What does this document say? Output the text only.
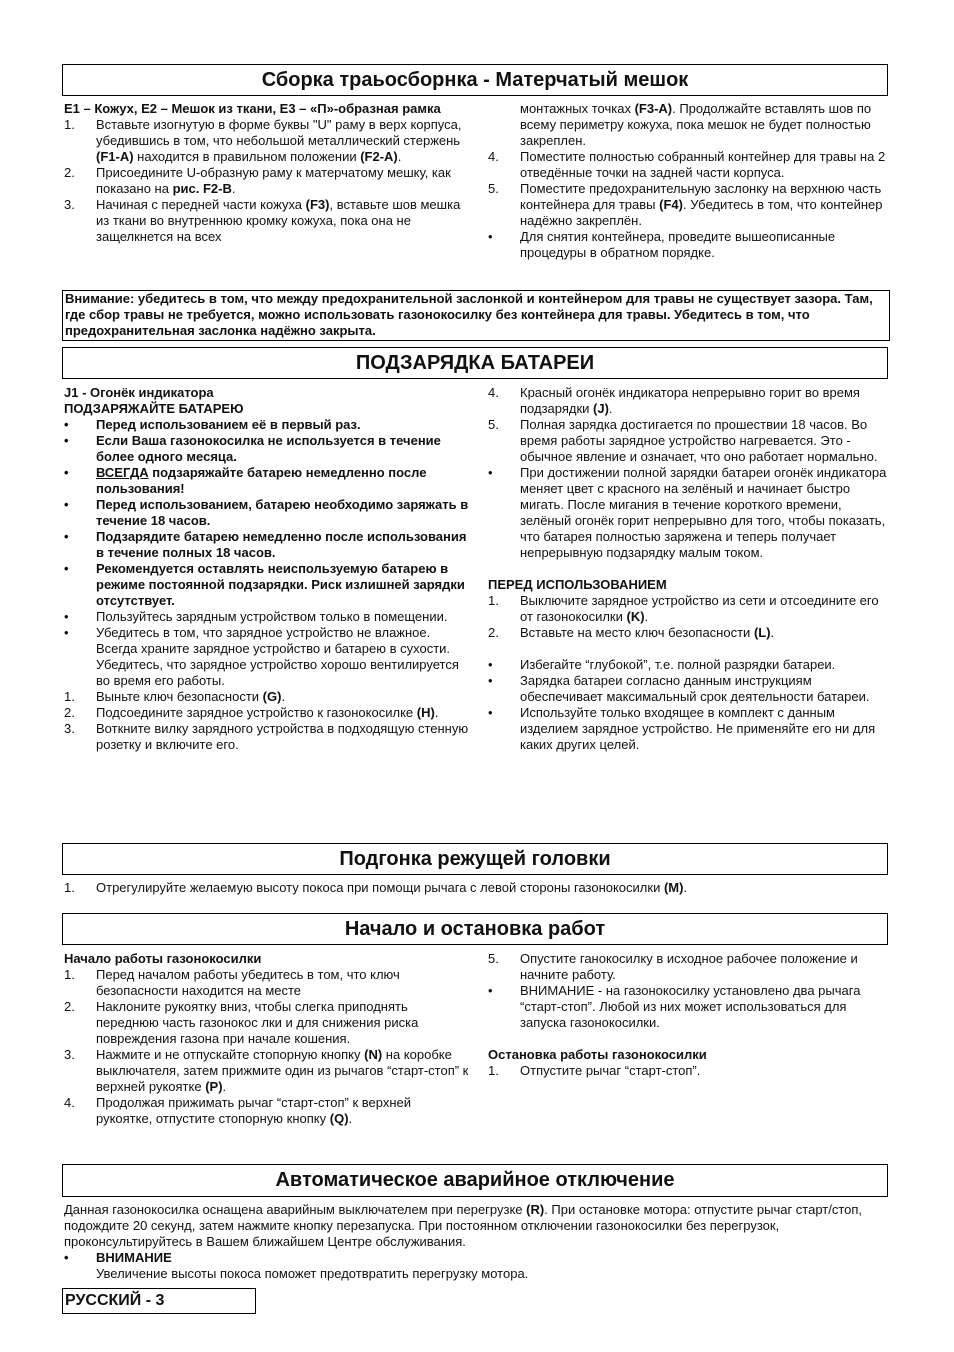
Сборка траьосборнка - Матерчатый мешок
E1 – Кожух, E2 – Мешок из ткани, E3 – «П»-образная рамка
1. Вставьте изогнутую в форме буквы "U" раму в верх корпуса, убедившись в том, что небольшой металлический стержень (F1-A) находится в правильном положении (F2-A).
2. Присоедините U-образную раму к матерчатому мешку, как показано на рис. F2-B.
3. Начиная с передней части кожуха (F3), вставьте шов мешка из ткани во внутреннюю кромку кожуха, пока она не защелкнется на всех
монтажных точках (F3-A). Продолжайте вставлять шов по всему периметру кожуха, пока мешок не будет полностью закреплен.
4. Поместите полностью собранный контейнер для травы на 2 отведённые точки на задней части корпуса.
5. Поместите предохранительную заслонку на верхнюю часть контейнера для травы (F4). Убедитесь в том, что контейнер надёжно закреплён.
• Для снятия контейнера, проведите вышеописанные процедуры в обратном порядке.
Внимание: убедитесь в том, что между предохранительной заслонкой и контейнером для травы не существует зазора. Там, где сбор травы не требуется, можно использовать газонокосилку без контейнера для травы. Убедитесь в том, что предохранительная заслонка надёжно закрыта.
ПОДЗАРЯДКА БАТАРЕИ
J1 - Огонёк индикатора
ПОДЗАРЯЖАЙТЕ БАТАРЕЮ
• Перед использованием её в первый раз.
• Если Ваша газонокосилка не используется в течение более одного месяца.
• ВСЕГДА подзаряжайте батарею немедленно после пользования!
• Перед использованием, батарею необходимо заряжать в течение 18 часов.
• Подзарядите батарею немедленно после использования в течение полных 18 часов.
• Рекомендуется оставлять неиспользуемую батарею в режиме постоянной подзарядки. Риск излишней зарядки отсутствует.
• Пользуйтесь зарядным устройством только в помещении.
• Убедитесь в том, что зарядное устройство не влажное. Всегда храните зарядное устройство и батарею в сухости. Убедитесь, что зарядное устройство хорошо вентилируется во время его работы.
1. Выньте ключ безопасности (G).
2. Подсоедините зарядное устройство к газонокосилке (H).
3. Воткните вилку зарядного устройства в подходящую стенную розетку и включите его.
4. Красный огонёк индикатора непрерывно горит во время подзарядки (J).
5. Полная зарядка достигается по прошествии 18 часов. Во время работы зарядное устройство нагревается. Это - обычное явление и означает, что оно работает нормально.
• При достижении полной зарядки батареи огонёк индикатора меняет цвет с красного на зелёный и начинает быстро мигать. После мигания в течение короткого времени, зелёный огонёк горит непрерывно для того, чтобы показать, что батарея полностью заряжена и теперь получает непрерывную подзарядку малым током.
ПЕРЕД ИСПОЛЬЗОВАНИЕМ
1. Выключите зарядное устройство из сети и отсоедините его от газонокосилки (K).
2. Вставьте на место ключ безопасности (L).
• Избегайте “глубокой”, т.е. полной разрядки батареи.
• Зарядка батареи согласно данным инструкциям обеспечивает максимальный срок деятельности батареи.
• Используйте только входящее в комплект с данным изделием зарядное устройство. Не применяйте его ни для каких других целей.
Подгонка режущей головки
1. Отрегулируйте желаемую высоту покоса при помощи рычага с левой стороны газонокосилки (M).
Начало и остановка работ
Начало работы газонокосилки
1. Перед началом работы убедитесь в том, что ключ безопасности находится на месте
2. Наклоните рукоятку вниз, чтобы слегка приподнять переднюю часть газонокос лки и для снижения риска повреждения газона при начале кошения.
3. Нажмите и не отпускайте стопорную кнопку (N) на коробке выключателя, затем прижмите один из рычагов “старт-стоп” к верхней рукоятке (P).
4. Продолжая прижимать рычаг “старт-стоп” к верхней рукоятке, отпустите стопорную кнопку (Q).
5. Опустите ганокосилку в исходное рабочее положение и начните работу.
• ВНИМАНИЕ - на газонокосилку установлено два рычага “старт-стоп”. Любой из них может использоваться для запуска газонокосилки.
Остановка работы газонокосилки
1. Отпустите рычаг “старт-стоп”.
Автоматическое аварийное отключение
Данная газонокосилка оснащена аварийным выключателем при перегрузке (R). При остановке мотора: отпустите рычаг старт/стоп, подождите 20 секунд, затем нажмите кнопку перезапуска. При постоянном отключении газонокосилки без перегрузок, проконсультируйтесь в Вашем ближайшем Центре обслуживания.
• ВНИМАНИЕ
Увеличение высоты покоса поможет предотвратить перегрузку мотора.
РУССКИЙ - 3
